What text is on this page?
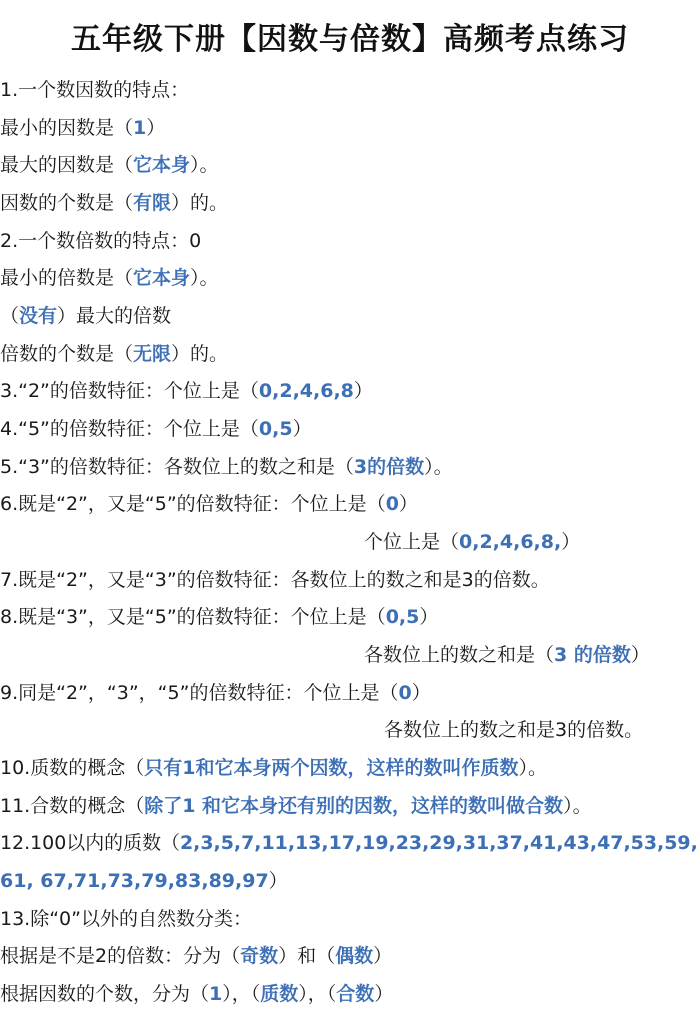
五年级下册【因数与倍数】高频考点练习
1.一个数因数的特点：
最小的因数是（1）
最大的因数是（它本身）。
因数的个数是（有限）的。
2.一个数倍数的特点：0
最小的倍数是（它本身）。
（没有）最大的倍数
倍数的个数是（无限）的。
3.“2”的倍数特征：个位上是（0,2,4,6,8）
4.“5”的倍数特征：个位上是（0,5）
5.“3”的倍数特征：各数位上的数之和是（3的倍数）。
6.既是“2”，又是“5”的倍数特征：个位上是（0）
个位上是（0,2,4,6,8,）
7.既是“2”，又是“3”的倍数特征：各数位上的数之和是3的倍数。
8.既是“3”，又是“5”的倍数特征：个位上是（0,5）
各数位上的数之和是（3 的倍数）
9.同是“2”，“3”，“5”的倍数特征：个位上是（0）
各数位上的数之和是3的倍数。
10.质数的概念（只有1和它本身两个因数，这样的数叫作质数）。
11.合数的概念（除了1 和它本身还有别的因数，这样的数叫做合数）。
12.100以内的质数（2,3,5,7,11,13,17,19,23,29,31,37,41,43,47,53,59,
61, 67,71,73,79,83,89,97）
13.除“0”以外的自然数分类：
根据是不是2的倍数：分为（奇数）和（偶数）
根据因数的个数，分为（1），（质数），（合数）
